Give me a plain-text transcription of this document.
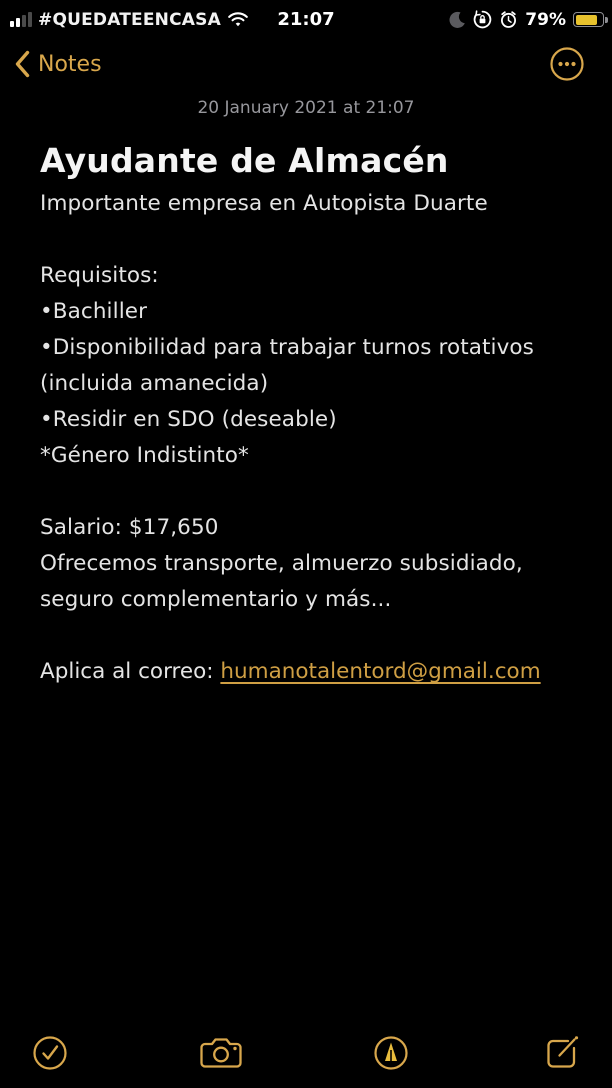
#QUEDATEENCASA	21:07	79%
Notes
20 January 2021 at 21:07
Ayudante de Almacén
Importante empresa en Autopista Duarte
Requisitos:
•Bachiller
•Disponibilidad para trabajar turnos rotativos
(incluida amanecida)
•Residir en SDO (deseable)
*Género Indistinto*
Salario: $17,650
Ofrecemos transporte, almuerzo subsidiado,
seguro complementario y más...
Aplica al correo: humanotalentord@gmail.com
